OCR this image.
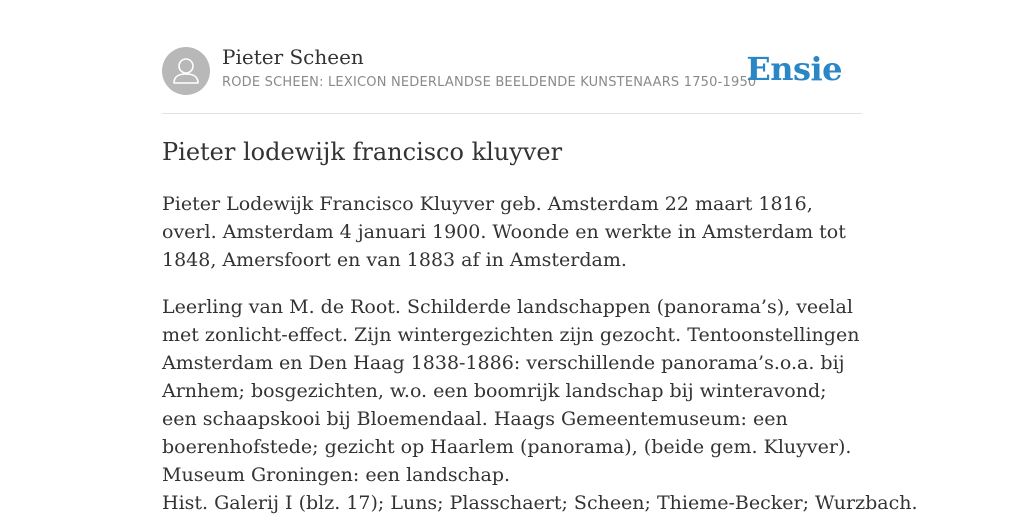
Pieter Scheen
RODE SCHEEN: LEXICON NEDERLANDSE BEELDENDE KUNSTENAARS 1750-1950
Ensie
Pieter lodewijk francisco kluyver

Pieter Lodewijk Francisco Kluyver geb. Amsterdam 22 maart 1816, overl. Amsterdam 4 januari 1900. Woonde en werkte in Amsterdam tot 1848, Amersfoort en van 1883 af in Amsterdam.

Leerling van M. de Root. Schilderde landschappen (panorama’s), veelal met zonlicht-effect. Zijn wintergezichten zijn gezocht. Tentoonstellingen Amsterdam en Den Haag 1838-1886: verschillende panorama’s.o.a. bij Arnhem; bosgezichten, w.o. een boomrijk landschap bij winteravond; een schaapskooi bij Bloemendaal. Haags Gemeentemuseum: een boerenhofstede; gezicht op Haarlem (panorama), (beide gem. Kluyver). Museum Groningen: een landschap.

Hist. Galerij I (blz. 17); Luns; Plasschaert; Scheen; Thieme-Becker; Wurzbach.
